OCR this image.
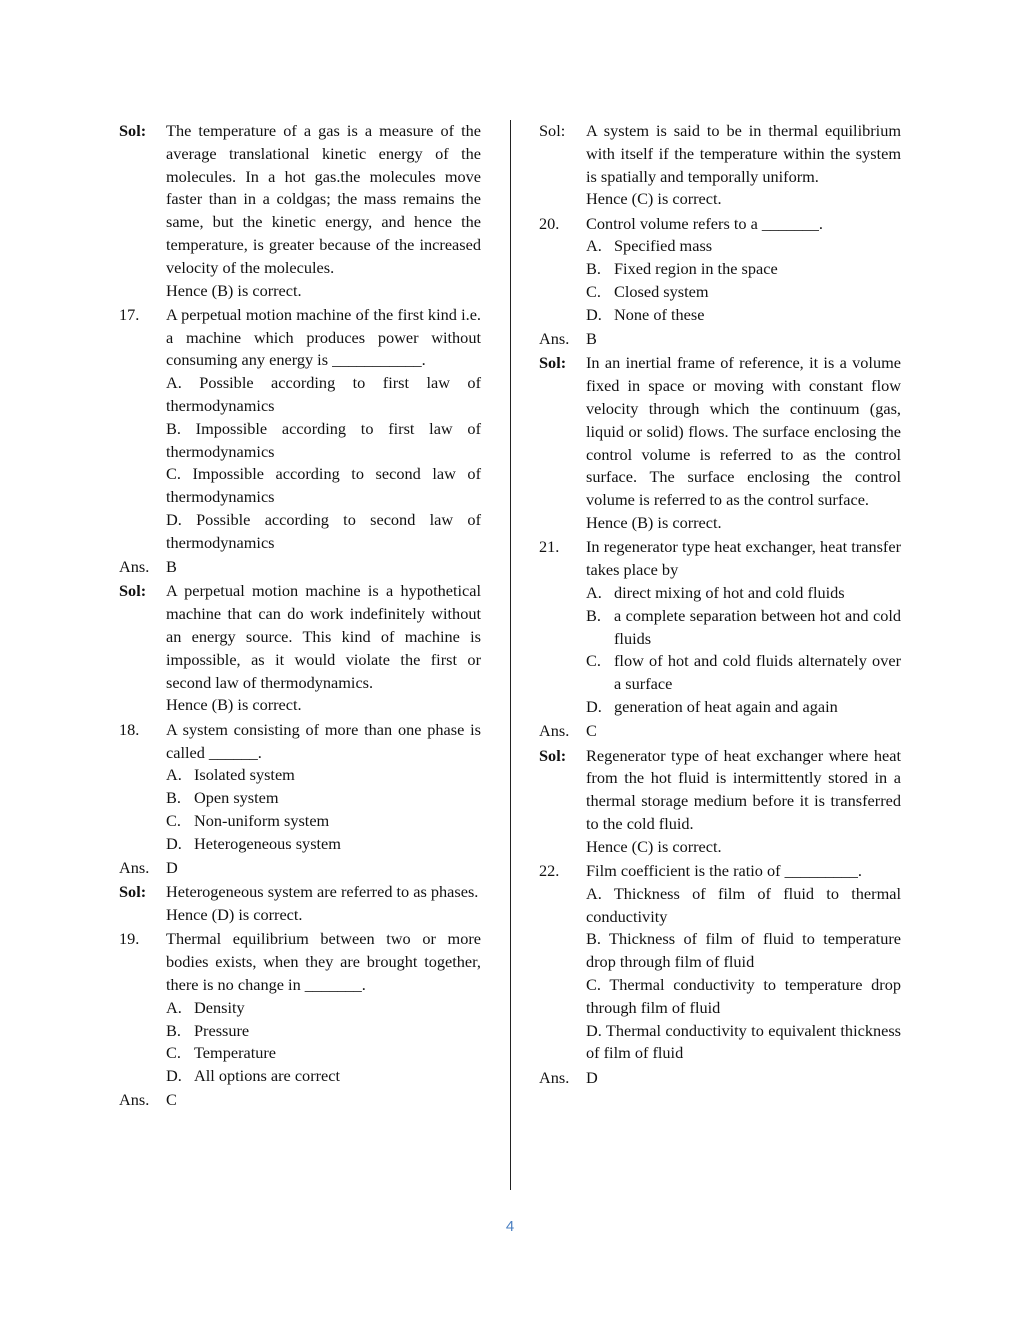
Sol:	The temperature of a gas is a measure of the average translational kinetic energy of the molecules. In a hot gas.the molecules move faster than in a coldgas; the mass remains the same, but the kinetic energy, and hence the temperature, is greater because of the increased velocity of the molecules.
Hence (B) is correct.
17.	A perpetual motion machine of the first kind i.e. a machine which produces power without consuming any energy is ___________.
A. Possible according to first law of thermodynamics
B. Impossible according to first law of thermodynamics
C. Impossible according to second law of thermodynamics
D. Possible according to second law of thermodynamics
Ans.	B
Sol:	A perpetual motion machine is a hypothetical machine that can do work indefinitely without an energy source. This kind of machine is impossible, as it would violate the first or second law of thermodynamics.
Hence (B) is correct.
18.	A system consisting of more than one phase is called ______.
A. Isolated system
B. Open system
C. Non-uniform system
D. Heterogeneous system
Ans.	D
Sol:	Heterogeneous system are referred to as phases.
Hence (D) is correct.
19.	Thermal equilibrium between two or more bodies exists, when they are brought together, there is no change in _______.
A. Density
B. Pressure
C. Temperature
D. All options are correct
Ans.	C
Sol:	A system is said to be in thermal equilibrium with itself if the temperature within the system is spatially and temporally uniform.
Hence (C) is correct.
20.	Control volume refers to a _______.
A. Specified mass
B. Fixed region in the space
C. Closed system
D. None of these
Ans.	B
Sol:	In an inertial frame of reference, it is a volume fixed in space or moving with constant flow velocity through which the continuum (gas, liquid or solid) flows. The surface enclosing the control volume is referred to as the control surface. The surface enclosing the control volume is referred to as the control surface.
Hence (B) is correct.
21.	In regenerator type heat exchanger, heat transfer takes place by
A. direct mixing of hot and cold fluids
B. a complete separation between hot and cold fluids
C. flow of hot and cold fluids alternately over a surface
D. generation of heat again and again
Ans.	C
Sol:	Regenerator type of heat exchanger where heat from the hot fluid is intermittently stored in a thermal storage medium before it is transferred to the cold fluid.
Hence (C) is correct.
22.	Film coefficient is the ratio of _________.
A. Thickness of film of fluid to thermal conductivity
B. Thickness of film of fluid to temperature drop through film of fluid
C. Thermal conductivity to temperature drop through film of fluid
D. Thermal conductivity to equivalent thickness of film of fluid
Ans.	D
4
